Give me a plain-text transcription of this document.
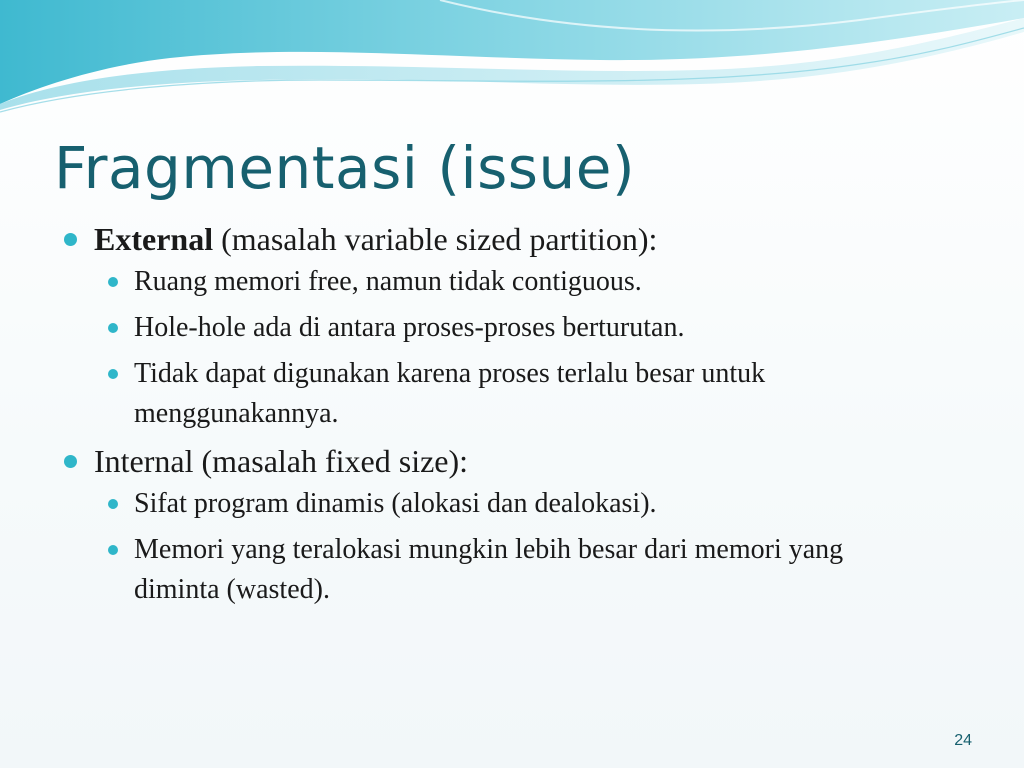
Fragmentasi (issue)
External (masalah variable sized partition):
Ruang memori free, namun tidak contiguous.
Hole-hole ada di antara proses-proses berturutan.
Tidak dapat digunakan karena proses terlalu besar untuk menggunakannya.
Internal (masalah fixed size):
Sifat program dinamis (alokasi dan dealokasi).
Memori yang teralokasi mungkin lebih besar dari memori yang diminta (wasted).
24
